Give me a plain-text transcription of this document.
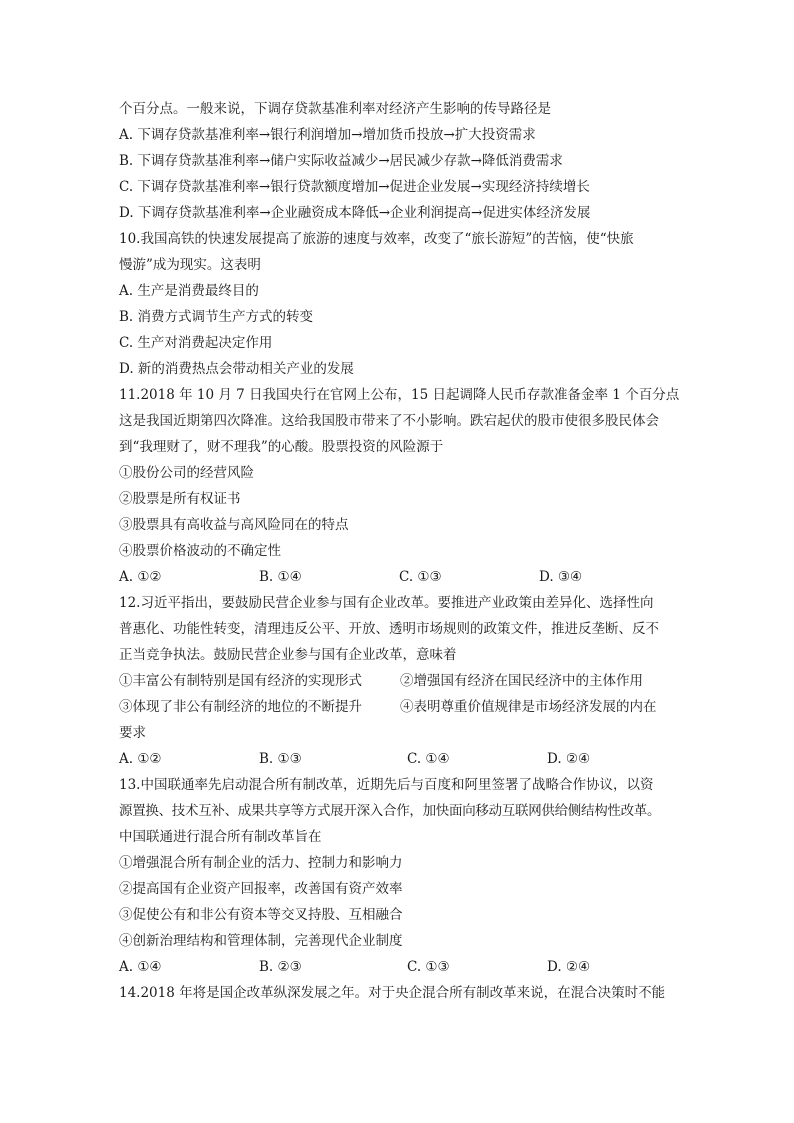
个百分点。一般来说，下调存贷款基准利率对经济产生影响的传导路径是
A. 下调存贷款基准利率→银行利润增加→增加货币投放→扩大投资需求
B. 下调存贷款基准利率→储户实际收益减少→居民减少存款→降低消费需求
C. 下调存贷款基准利率→银行贷款额度增加→促进企业发展→实现经济持续增长
D. 下调存贷款基准利率→企业融资成本降低→企业利润提高→促进实体经济发展
10.我国高铁的快速发展提高了旅游的速度与效率，改变了“旅长游短”的苦恼，使“快旅
慢游”成为现实。这表明
A. 生产是消费最终目的
B. 消费方式调节生产方式的转变
C. 生产对消费起决定作用
D. 新的消费热点会带动相关产业的发展
11.2018 年 10 月 7 日我国央行在官网上公布，15 日起调降人民币存款准备金率 1 个百分点
这是我国近期第四次降准。这给我国股市带来了不小影响。跌宕起伏的股市使很多股民体会
到“我理财了，财不理我”的心酸。股票投资的风险源于
①股份公司的经营风险
②股票是所有权证书
③股票具有高收益与高风险同在的特点
④股票价格波动的不确定性
A. ①②	B. ①④	C. ①③	D. ③④
12.习近平指出，要鼓励民营企业参与国有企业改革。要推进产业政策由差异化、选择性向
普惠化、功能性转变，清理违反公平、开放、透明市场规则的政策文件，推进反垄断、反不
正当竞争执法。鼓励民营企业参与国有企业改革，意味着
①丰富公有制特别是国有经济的实现形式	②增强国有经济在国民经济中的主体作用
③体现了非公有制经济的地位的不断提升	④表明尊重价值规律是市场经济发展的内在
要求
A. ①②	B. ①③	C. ①④	D. ②④
13.中国联通率先启动混合所有制改革，近期先后与百度和阿里签署了战略合作协议，以资
源置换、技术互补、成果共享等方式展开深入合作，加快面向移动互联网供给侧结构性改革。
中国联通进行混合所有制改革旨在
①增强混合所有制企业的活力、控制力和影响力
②提高国有企业资产回报率，改善国有资产效率
③促使公有和非公有资本等交叉持股、互相融合
④创新治理结构和管理体制，完善现代企业制度
A. ①④	B. ②③	C. ①③	D. ②④
14.2018 年将是国企改革纵深发展之年。对于央企混合所有制改革来说，在混合决策时不能
